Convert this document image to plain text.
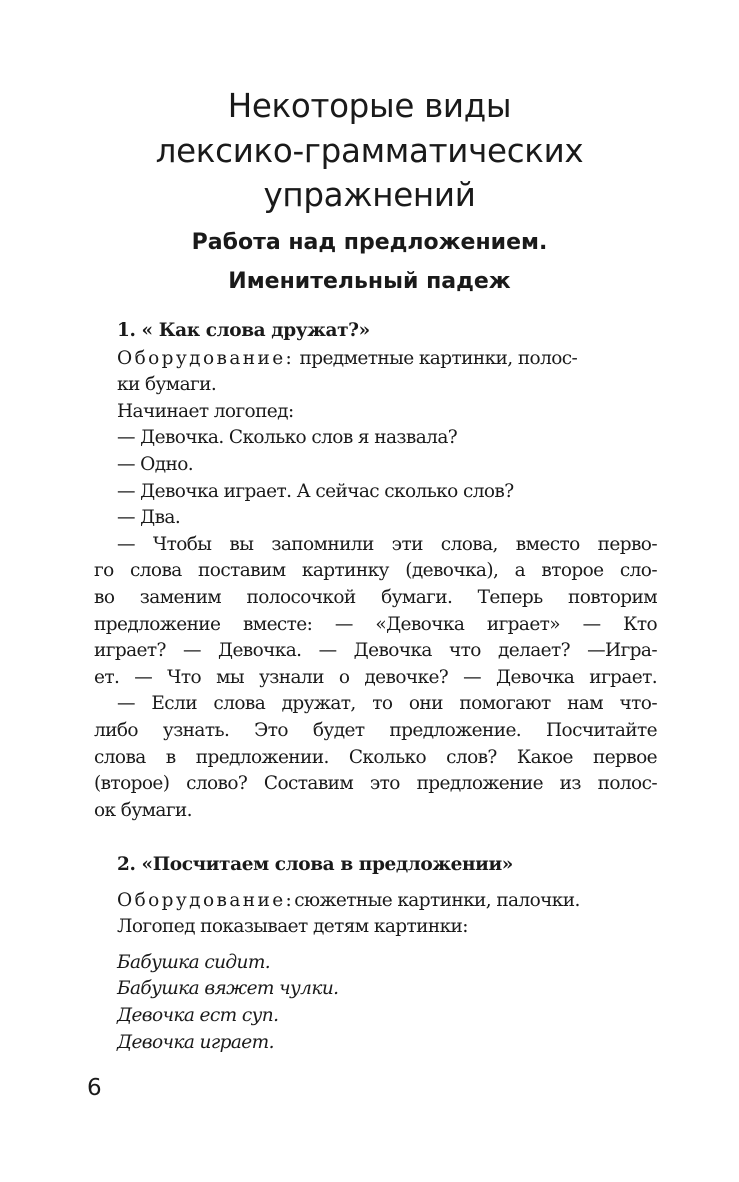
Некоторые виды
лексико-грамматических
упражнений
Работа над предложением.
Именительный падеж
1. « Как слова дружат?»
Оборудование: предметные картинки, полос-
ки бумаги.
Начинает логопед:
— Девочка. Сколько слов я назвала?
— Одно.
— Девочка играет. А сейчас сколько слов?
— Два.
— Чтобы вы запомнили эти слова, вместо перво-
го слова поставим картинку (девочка), а второе сло-
во заменим полосочкой бумаги. Теперь повторим
предложение вместе: — «Девочка играет» — Кто
играет? — Девочка. — Девочка что делает? —Игра-
ет. — Что мы узнали о девочке? — Девочка играет.
— Если слова дружат, то они помогают нам что-
либо узнать. Это будет предложение. Посчитайте
слова в предложении. Сколько слов? Какое первое
(второе) слово? Составим это предложение из полос-
ок бумаги.
2. «Посчитаем слова в предложении»
Оборудование:сюжетные картинки, палочки.
Логопед показывает детям картинки:
Бабушка сидит.
Бабушка вяжет чулки.
Девочка ест суп.
Девочка играет.
6
